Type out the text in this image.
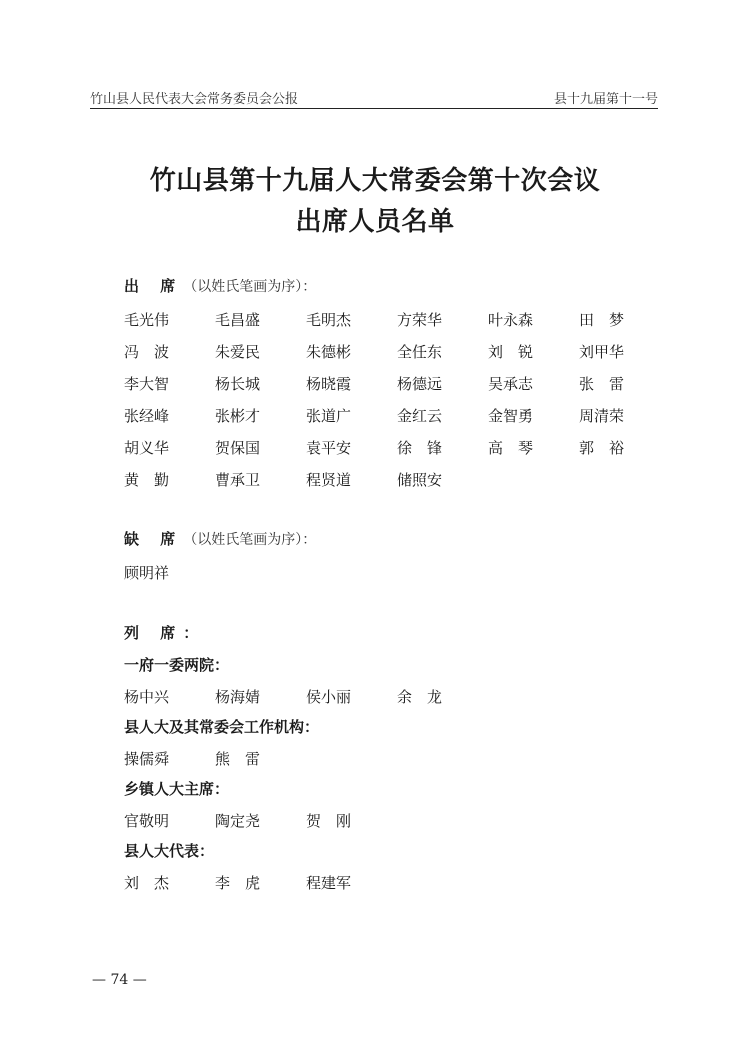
竹山县人民代表大会常务委员会公报	县十九届第十一号
竹山县第十九届人大常委会第十次会议
出席人员名单
出 席（以姓氏笔画为序）：
毛光伟	毛昌盛	毛明杰	方荣华	叶永森	田　梦
冯　波	朱爱民	朱德彬	全任东	刘　锐	刘甲华
李大智	杨长城	杨晓霞	杨德远	吴承志	张　雷
张经峰	张彬才	张道广	金红云	金智勇	周清荣
胡义华	贺保国	袁平安	徐　锋	高　琴	郭　裕
黄　勤	曹承卫	程贤道	储照安
缺 席（以姓氏笔画为序）：
顾明祥
列 席：
一府一委两院：
杨中兴	杨海婧	侯小丽	余　龙
县人大及其常委会工作机构：
操儒舜	熊　雷
乡镇人大主席：
官敬明	陶定尧	贺　刚
县人大代表：
刘　杰	李　虎	程建军
— 74 —
